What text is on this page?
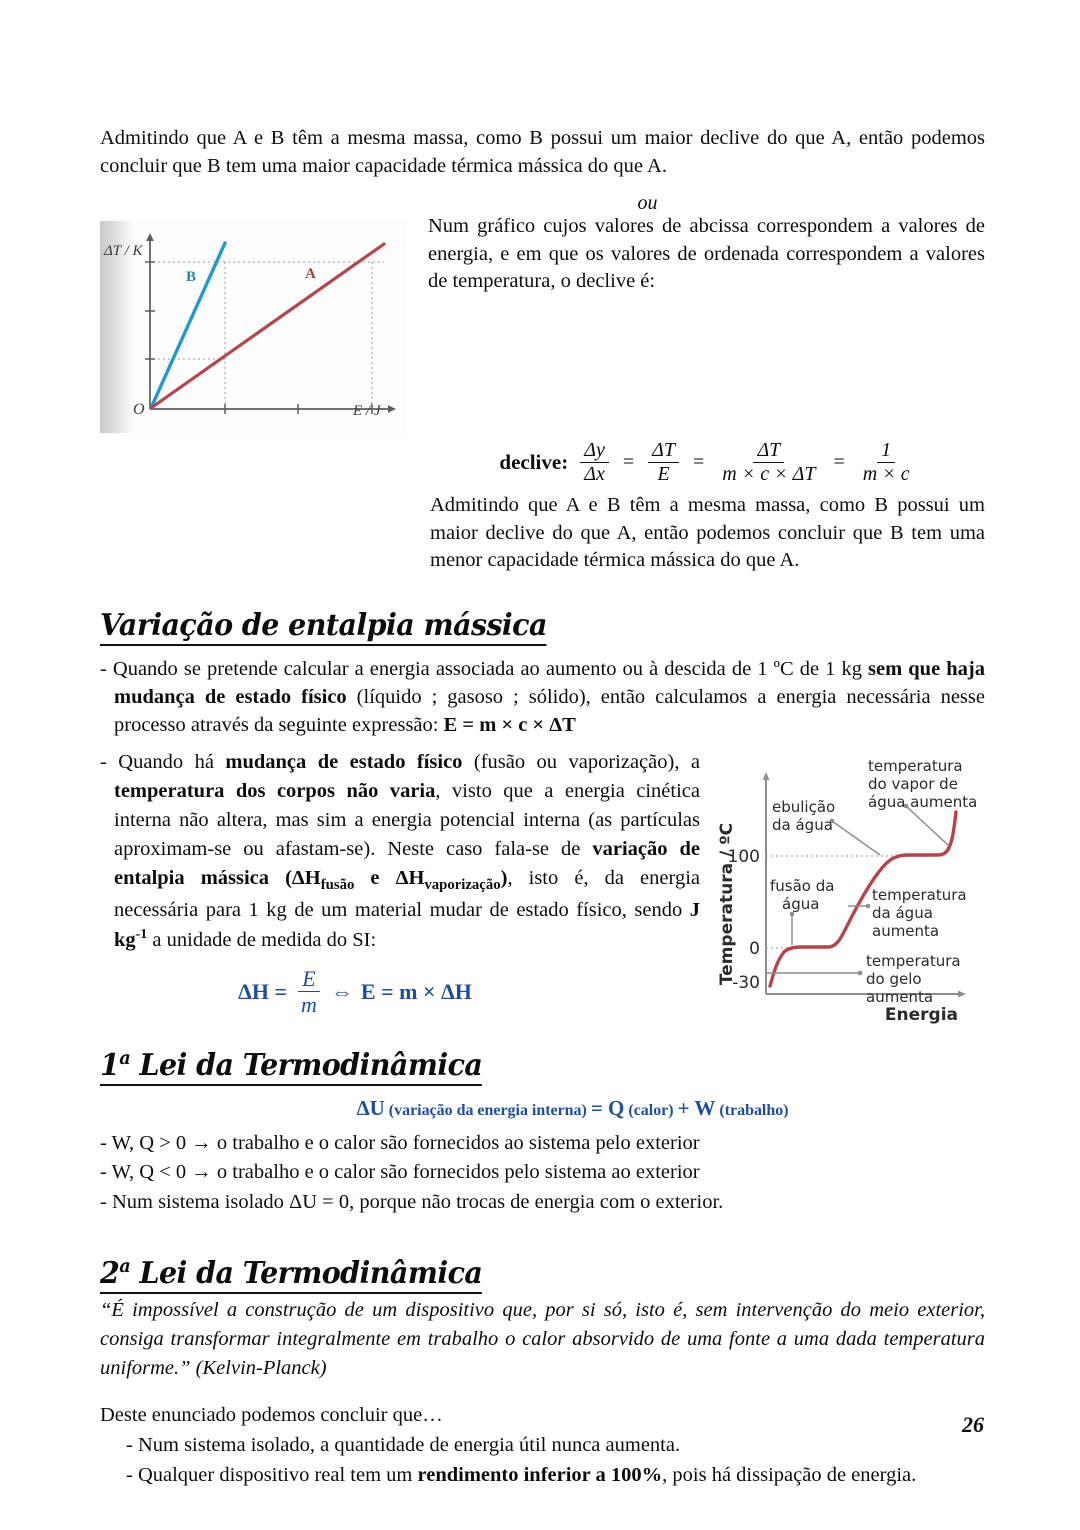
Admitindo que A e B têm a mesma massa, como B possui um maior declive do que A, então podemos concluir que B tem uma maior capacidade térmica mássica do que A.

ou
ΔT / K
E / J
O
B	A

Num gráfico cujos valores de abcissa correspondem a valores de energia, e em que os valores de ordenada correspondem a valores de temperatura, o declive é:

declive: $\frac{\Delta y}{\Delta x} = \frac{\Delta T}{E} = \frac{\Delta T}{m \times c \times \Delta T} = \frac{1}{m \times c}$

Admitindo que A e B têm a mesma massa, como B possui um maior declive do que A, então podemos concluir que B tem uma menor capacidade térmica mássica do que A.

Variação de entalpia mássica

- Quando se pretende calcular a energia associada ao aumento ou à descida de 1 ºC de 1 kg sem que haja mudança de estado físico (líquido ; gasoso ; sólido), então calculamos a energia necessária nesse processo através da seguinte expressão: E = m × c × ΔT

- Quando há mudança de estado físico (fusão ou vaporização), a temperatura dos corpos não varia, visto que a energia cinética interna não altera, mas sim a energia potencial interna (as partículas aproximam-se ou afastam-se). Neste caso fala-se de variação de entalpia mássica ($\Delta H_{fusão}$ e $\Delta H_{vaporização}$), isto é, da energia necessária para 1 kg de um material mudar de estado físico, sendo J $kg^{-1}$ a unidade de medida do SI:

$\Delta H = \frac{E}{m}$ ⇔ E = m × ΔH
Temperatura / ºC
100
0
-30
ebulição
da água
temperatura
do vapor de
água aumenta
fusão da
água	temperatura
da água
aumenta
temperatura
do gelo
aumenta
Energia
1$^a$ Lei da Termodinâmica
ΔU (variação da energia interna) = Q (calor) + W (trabalho)

- W, Q > 0 → o trabalho e o calor são fornecidos ao sistema pelo exterior

- W, Q < 0 → o trabalho e o calor são fornecidos pelo sistema ao exterior

- Num sistema isolado ΔU = 0, porque não trocas de energia com o exterior.

2$^a$ Lei da Termodinâmica

“É impossível a construção de um dispositivo que, por si só, isto é, sem intervenção do meio exterior, consiga transformar integralmente em trabalho o calor absorvido de uma fonte a uma dada temperatura uniforme.” (Kelvin-Planck)

Deste enunciado podemos concluir que…

- Num sistema isolado, a quantidade de energia útil nunca aumenta.

- Qualquer dispositivo real tem um rendimento inferior a 100%, pois há dissipação de energia.

26
